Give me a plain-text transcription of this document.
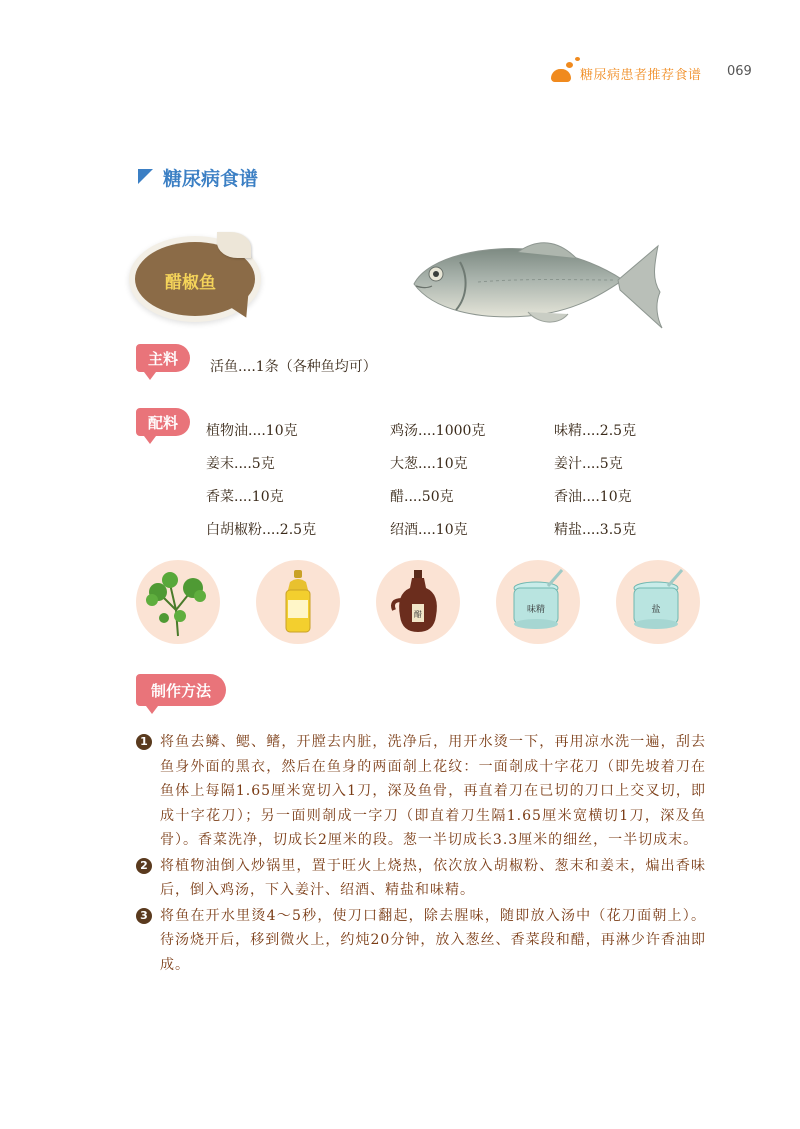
糖尿病患者推荐食谱 069
糖尿病食谱
醋椒鱼
主料	活鱼....1条（各种鱼均可）
配料	植物油....10克	鸡汤....1000克	味精....2.5克
姜末....5克	大葱....10克	姜汁....5克
香菜....10克	醋....50克	香油....10克
白胡椒粉....2.5克	绍酒....10克	精盐....3.5克
醋	味精	盐
制作方法
1 将鱼去鳞、鳃、鳍，开膛去内脏，洗净后，用开水烫一下，再用凉水洗一遍，刮去鱼身外面的黑衣，然后在鱼身的两面剞上花纹：一面剞成十字花刀（即先坡着刀在鱼体上每隔1.65厘米宽切入1刀，深及鱼骨，再直着刀在已切的刀口上交叉切，即成十字花刀）；另一面则剞成一字刀（即直着刀生隔1.65厘米宽横切1刀，深及鱼骨）。香菜洗净，切成长2厘米的段。葱一半切成长3.3厘米的细丝，一半切成末。
2 将植物油倒入炒锅里，置于旺火上烧热，依次放入胡椒粉、葱末和姜末，煸出香味后，倒入鸡汤，下入姜汁、绍酒、精盐和味精。
3 将鱼在开水里烫4～5秒，使刀口翻起，除去腥味，随即放入汤中（花刀面朝上）。待汤烧开后，移到微火上，约炖20分钟，放入葱丝、香菜段和醋，再淋少许香油即成。
